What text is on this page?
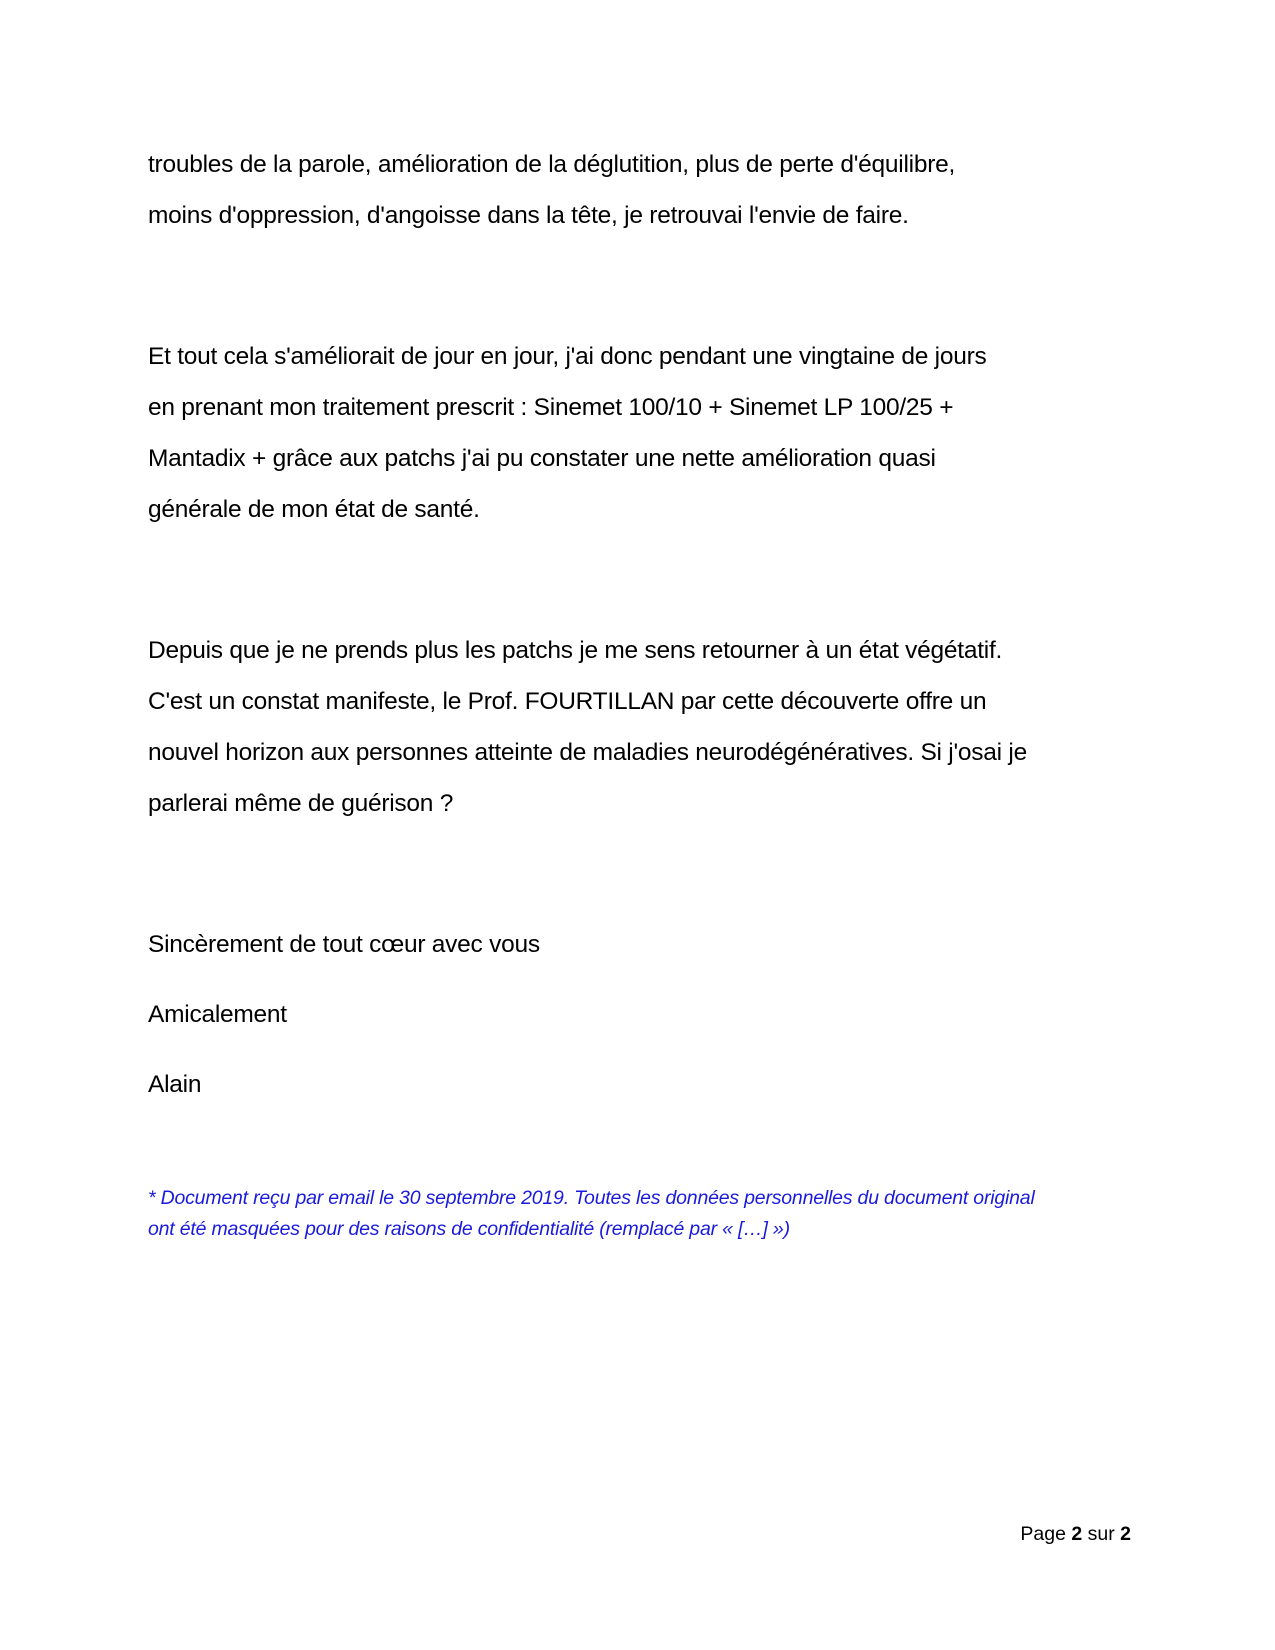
troubles de la parole, amélioration de la déglutition, plus de perte d'équilibre,
moins d'oppression, d'angoisse dans la tête, je retrouvai l'envie de faire.
Et tout cela s'améliorait de jour en jour, j'ai donc pendant une vingtaine de jours
en prenant mon traitement prescrit : Sinemet 100/10 + Sinemet LP 100/25 +
Mantadix + grâce aux patchs j'ai pu constater une nette amélioration quasi
générale de mon état de santé.
Depuis que je ne prends plus les patchs je me sens retourner à un état végétatif.
C'est un constat manifeste, le Prof. FOURTILLAN par cette découverte offre un
nouvel horizon aux personnes atteinte de maladies neurodégénératives. Si j'osai je
parlerai même de guérison ?
Sincèrement de tout cœur avec vous
Amicalement
Alain
* Document reçu par email le 30 septembre 2019. Toutes les données personnelles du document original
ont été masquées pour des raisons de confidentialité (remplacé par « […] »)
Page 2 sur 2
